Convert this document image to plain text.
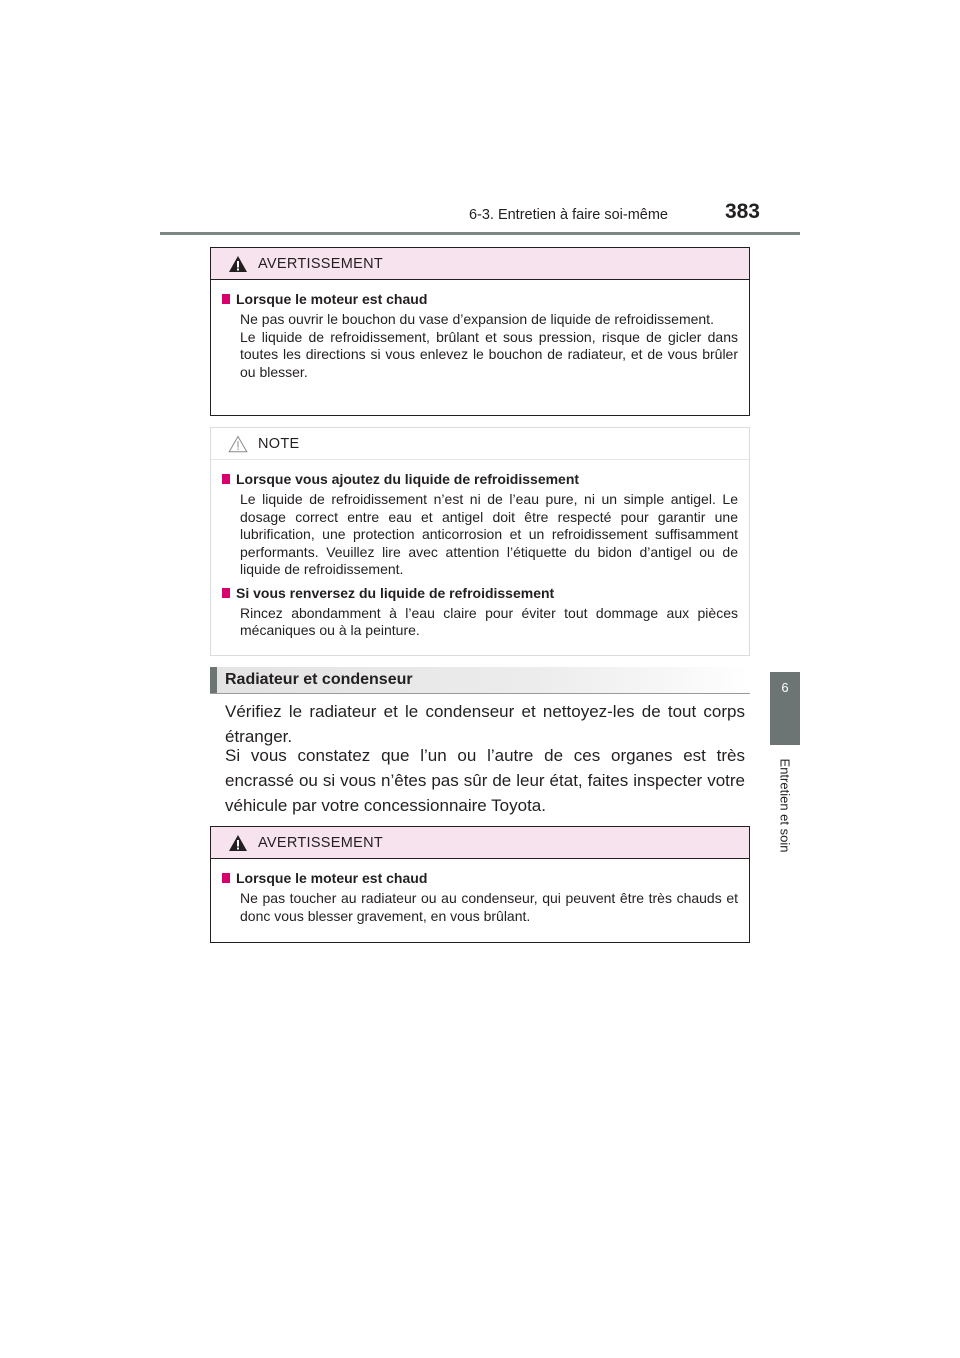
6-3. Entretien à faire soi-même	383
6
Entretien et soin
AVERTISSEMENT
Lorsque le moteur est chaud
Ne pas ouvrir le bouchon du vase d’expansion de liquide de refroidissement.
Le liquide de refroidissement, brûlant et sous pression, risque de gicler dans toutes les directions si vous enlevez le bouchon de radiateur, et de vous brûler ou blesser.
NOTE
Lorsque vous ajoutez du liquide de refroidissement
Le liquide de refroidissement n’est ni de l’eau pure, ni un simple antigel. Le dosage correct entre eau et antigel doit être respecté pour garantir une lubrification, une protection anticorrosion et un refroidissement suffisamment performants. Veuillez lire avec attention l’étiquette du bidon d’antigel ou de liquide de refroidissement.
Si vous renversez du liquide de refroidissement
Rincez abondamment à l’eau claire pour éviter tout dommage aux pièces mécaniques ou à la peinture.
Radiateur et condenseur
Vérifiez le radiateur et le condenseur et nettoyez-les de tout corps étranger.
Si vous constatez que l’un ou l’autre de ces organes est très encrassé ou si vous n’êtes pas sûr de leur état, faites inspecter votre véhicule par votre concessionnaire Toyota.
AVERTISSEMENT
Lorsque le moteur est chaud
Ne pas toucher au radiateur ou au condenseur, qui peuvent être très chauds et donc vous blesser gravement, en vous brûlant.
